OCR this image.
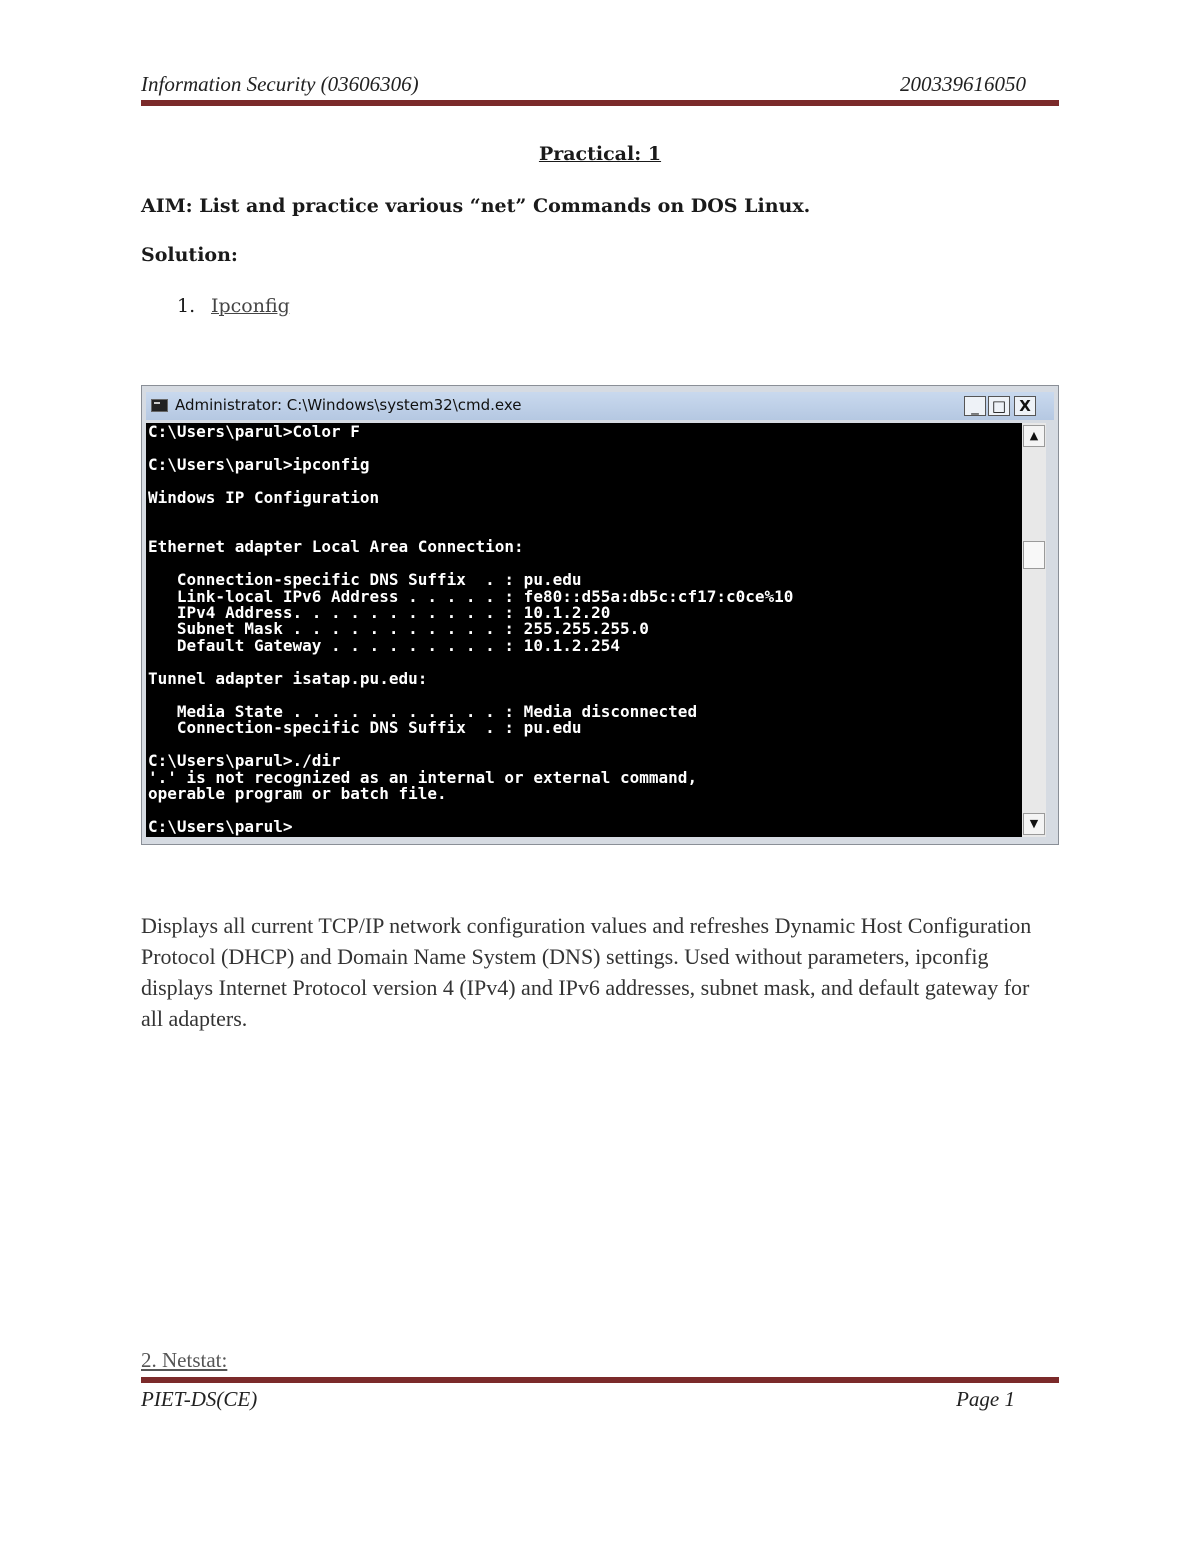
Information Security (03606306)	200339616050
Practical: 1
AIM: List and practice various “net” Commands on DOS Linux.
Solution:
1. Ipconfig
Administrator: C:\Windows\system32\cmd.exe	_ □ X
C:\Users\parul>Color F
C:\Users\parul>ipconfig
Windows IP Configuration
Ethernet adapter Local Area Connection:
Connection-specific DNS Suffix  . : pu.edu
Link-local IPv6 Address . . . . . : fe80::d55a:db5c:cf17:c0ce%10
IPv4 Address. . . . . . . . . . . : 10.1.2.20
Subnet Mask . . . . . . . . . . . : 255.255.255.0
Default Gateway . . . . . . . . . : 10.1.2.254
Tunnel adapter isatap.pu.edu:
Media State . . . . . . . . . . . : Media disconnected
Connection-specific DNS Suffix  . : pu.edu
C:\Users\parul>./dir
'.' is not recognized as an internal or external command,
operable program or batch file.
C:\Users\parul>
▲
▼
Displays all current TCP/IP network configuration values and refreshes Dynamic Host Configuration Protocol (DHCP) and Domain Name System (DNS) settings. Used without parameters, ipconfig displays Internet Protocol version 4 (IPv4) and IPv6 addresses, subnet mask, and default gateway for all adapters.
2. Netstat:
PIET-DS(CE)	Page 1
